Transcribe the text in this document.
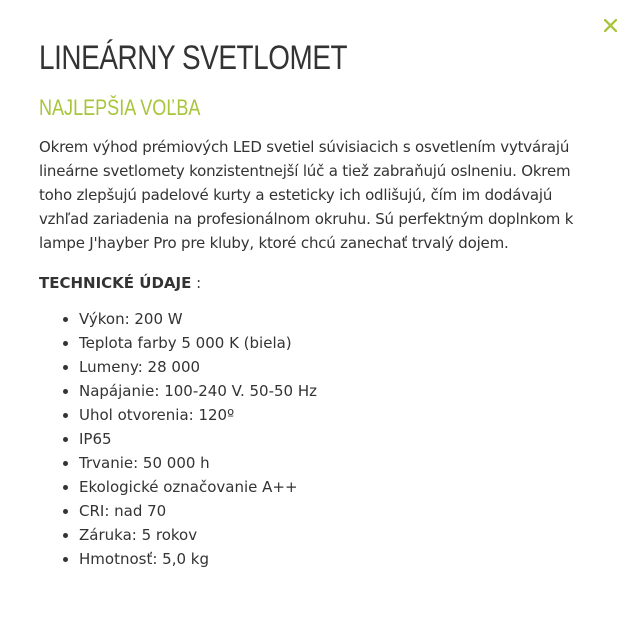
LINEÁRNY SVETLOMET
NAJLEPŠIA VOĽBA

Okrem výhod prémiových LED svetiel súvisiacich s osvetlením vytvárajú lineárne svetlomety konzistentnejší lúč a tiež zabraňujú oslneniu. Okrem toho zlepšujú padelové kurty a esteticky ich odlišujú, čím im dodávajú vzhľad zariadenia na profesionálnom okruhu. Sú perfektným doplnkom k lampe J'hayber Pro pre kluby, ktoré chcú zanechať trvalý dojem.

TECHNICKÉ ÚDAJE :
• Výkon: 200 W
• Teplota farby 5 000 K (biela)
• Lumeny: 28 000
• Napájanie: 100-240 V. 50-50 Hz
• Uhol otvorenia: 120º
• IP65
• Trvanie: 50 000 h
• Ekologické označovanie A++
• CRI: nad 70
• Záruka: 5 rokov
• Hmotnosť: 5,0 kg
